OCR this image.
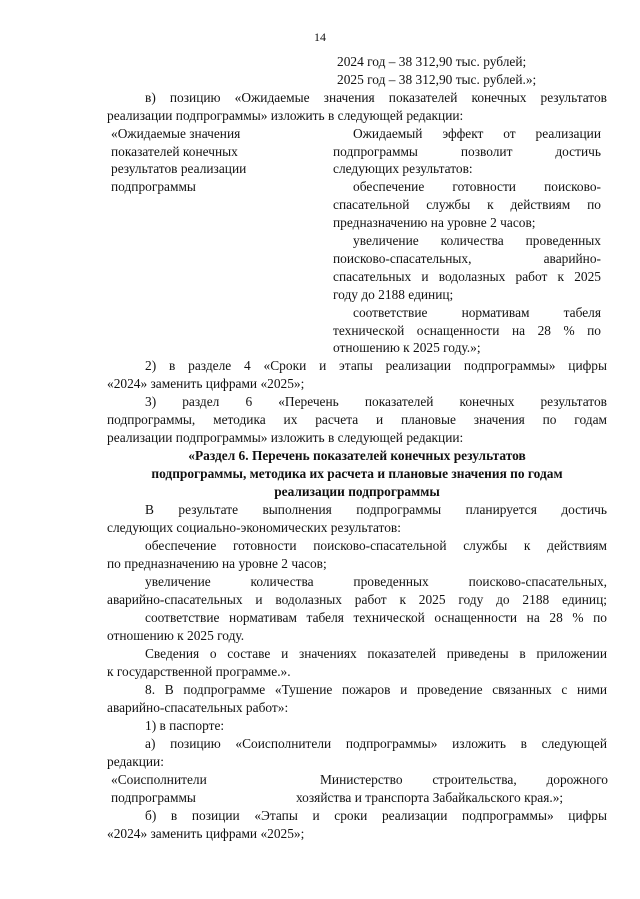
14
2024 год – 38 312,90 тыс. рублей;
2025 год – 38 312,90 тыс. рублей.»;
в) позицию «Ожидаемые значения показателей конечных результатов
реализации подпрограммы» изложить в следующей редакции:
«Ожидаемые значения
показателей конечных
результатов реализации
подпрограммы
Ожидаемый эффект от реализации
подпрограммы позволит достичь
следующих результатов:
обеспечение готовности поисково-
спасательной службы к действиям по
предназначению на уровне 2 часов;
увеличение количества проведенных
поисково-спасательных, аварийно-
спасательных и водолазных работ к 2025
году до 2188 единиц;
соответствие нормативам табеля
технической оснащенности на 28 % по
отношению к 2025 году.»;
2) в разделе 4 «Сроки и этапы реализации подпрограммы» цифры
«2024» заменить цифрами «2025»;
3) раздел 6 «Перечень показателей конечных результатов
подпрограммы, методика их расчета и плановые значения по годам
реализации подпрограммы» изложить в следующей редакции:
«Раздел 6. Перечень показателей конечных результатов
подпрограммы, методика их расчета и плановые значения по годам
реализации подпрограммы
В результате выполнения подпрограммы планируется достичь
следующих социально-экономических результатов:
обеспечение готовности поисково-спасательной службы к действиям
по предназначению на уровне 2 часов;
увеличение количества проведенных поисково-спасательных,
аварийно-спасательных и водолазных работ к 2025 году до 2188 единиц;
соответствие нормативам табеля технической оснащенности на 28 % по
отношению к 2025 году.
Сведения о составе и значениях показателей приведены в приложении
к государственной программе.».
8. В подпрограмме «Тушение пожаров и проведение связанных с ними
аварийно-спасательных работ»:
1) в паспорте:
а) позицию «Соисполнители подпрограммы» изложить в следующей
редакции:
«Соисполнители
подпрограммы
Министерство строительства, дорожного
хозяйства и транспорта Забайкальского края.»;
б) в позиции «Этапы и сроки реализации подпрограммы» цифры
«2024» заменить цифрами «2025»;
